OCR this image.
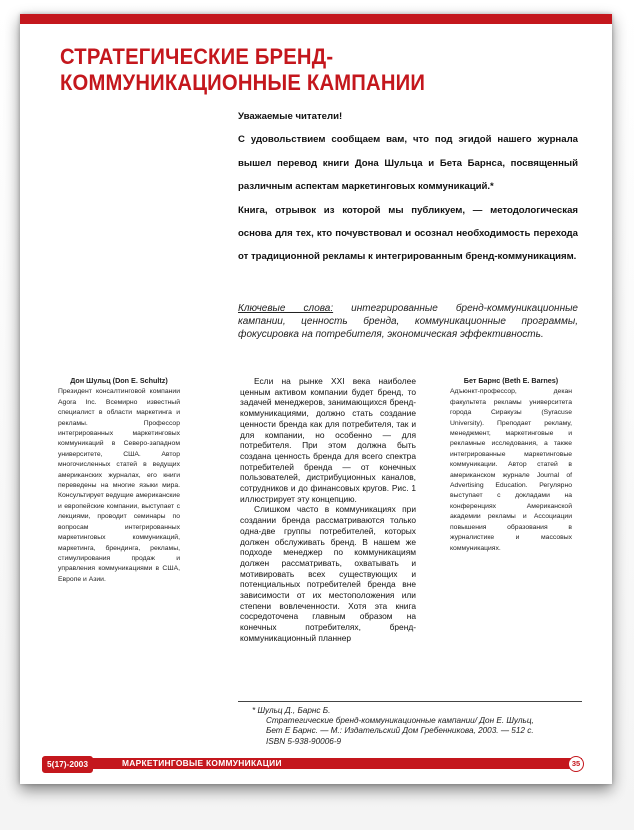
СТРАТЕГИЧЕСКИЕ БРЕНД-КОММУНИКАЦИОННЫЕ КАМПАНИИ

Уважаемые читатели!

С удовольствием сообщаем вам, что под эгидой нашего журнала вышел перевод книги Дона Шульца и Бета Барнса, посвященный различным аспектам маркетинговых коммуникаций.*

Книга, отрывок из которой мы публикуем, — методологическая основа для тех, кто почувствовал и осознал необходимость перехода от традиционной рекламы к интегрированным бренд-коммуникациям.

Ключевые слова: интегрированные бренд-коммуникационные кампании, ценность бренда, коммуникационные программы, фокусировка на потребителя, экономическая эффективность.
Дон Шульц (Don E. Schultz)
Президент консалтинговой компании Agora Inc. Всемирно известный специалист в области маркетинга и рекламы. Профессор интегрированных маркетинговых коммуникаций в Северо-западном университете, США. Автор многочисленных статей в ведущих американских журналах, его книги переведены на многие языки мира. Консультирует ведущие американские и европейские компании, выступает с лекциями, проводит семинары по вопросам интегрированных маркетинговых коммуникаций, маркетинга, брендинга, рекламы, стимулирования продаж и управления коммуникациями в США, Европе и Азии.

Если на рынке XXI века наиболее ценным активом компании будет бренд, то задачей менеджеров, занимающихся бренд-коммуникациями, должно стать создание ценности бренда как для потребителя, так и для компании, но особенно — для потребителя. При этом должна быть создана ценность бренда для всего спектра потребителей бренда — от конечных пользователей, дистрибуционных каналов, сотрудников и до финансовых кругов. Рис. 1 иллюстрирует эту концепцию.

Слишком часто в коммуникациях при создании бренда рассматриваются только одна-две группы потребителей, которых должен обслуживать бренд. В нашем же подходе менеджер по коммуникациям должен рассматривать, охватывать и мотивировать всех существующих и потенциальных потребителей бренда вне зависимости от их местоположения или степени вовлеченности. Хотя эта книга сосредоточена главным образом на конечных потребителях, бренд-коммуникационный планнер

Бет Барнс (Beth E. Barnes)
Адъюнкт-профессор, декан факультета рекламы университета города Сиракузы (Syracuse University). Преподает рекламу, менеджмент, маркетинговые и рекламные исследования, а также интегрированные маркетинговые коммуникации. Автор статей в американском журнале Journal of Advertising Education. Регулярно выступает с докладами на конференциях Американской академии рекламы и Ассоциации повышения образования в журналистике и массовых коммуникациях.
* Шульц Д., Барнс Б.
Стратегические бренд-коммуникационные кампании/ Дон Е. Шульц,
Бет Е Барнс. — М.: Издательский Дом Гребенникова, 2003. — 512 с.
ISBN 5-938-90006-9
5(17)-2003	МАРКЕТИНГОВЫЕ КОММУНИКАЦИИ	35
